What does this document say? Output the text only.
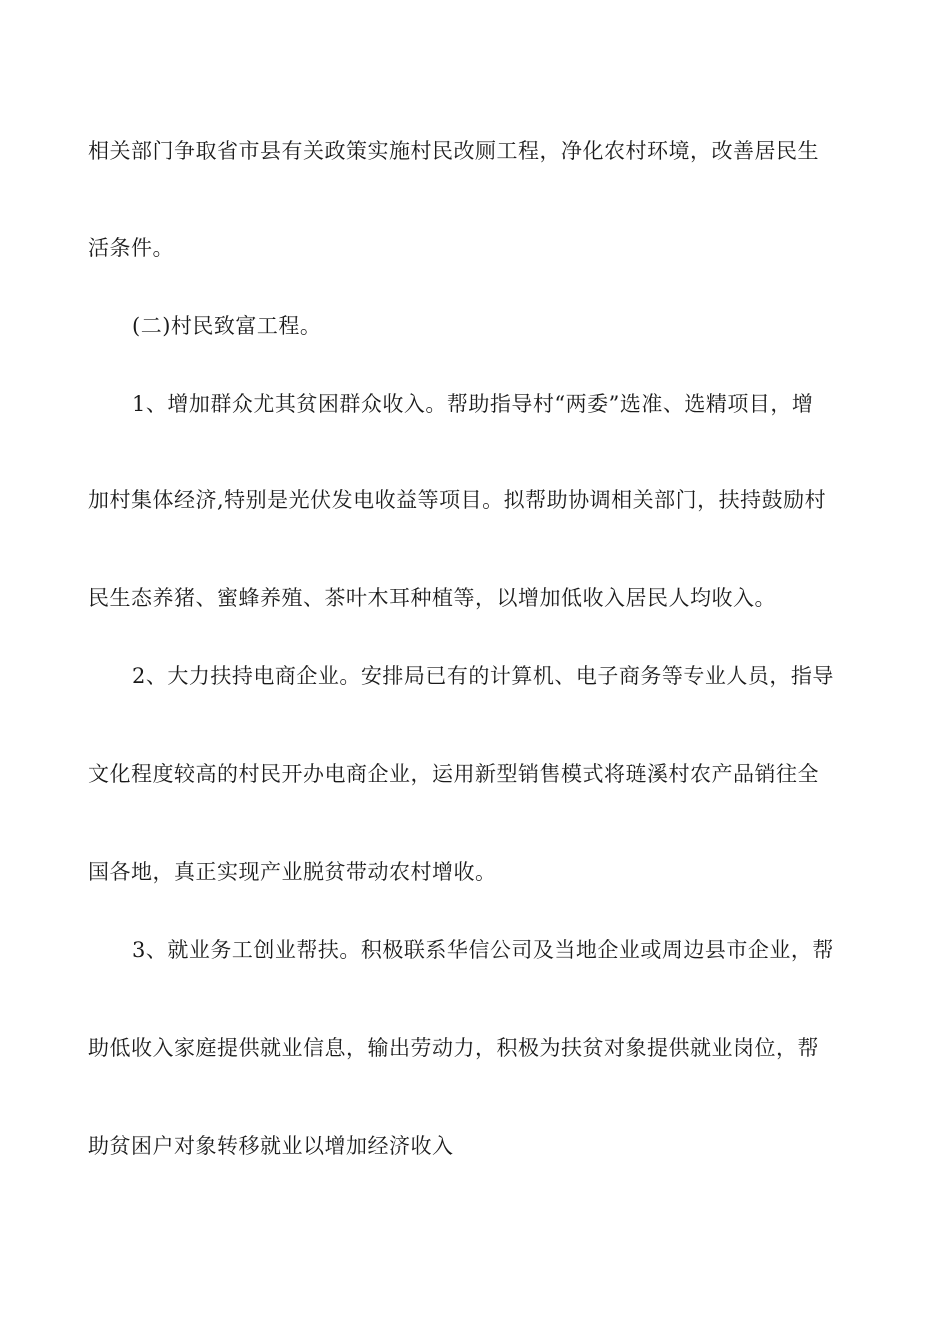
相关部门争取省市县有关政策实施村民改厕工程，净化农村环境，改善居民生
活条件。
(二)村民致富工程。
1、增加群众尤其贫困群众收入。帮助指导村“两委”选准、选精项目，增
加村集体经济,特别是光伏发电收益等项目。拟帮助协调相关部门，扶持鼓励村
民生态养猪、蜜蜂养殖、茶叶木耳种植等，以增加低收入居民人均收入。
2、大力扶持电商企业。安排局已有的计算机、电子商务等专业人员，指导
文化程度较高的村民开办电商企业，运用新型销售模式将琏溪村农产品销往全
国各地，真正实现产业脱贫带动农村增收。
3、就业务工创业帮扶。积极联系华信公司及当地企业或周边县市企业，帮
助低收入家庭提供就业信息，输出劳动力，积极为扶贫对象提供就业岗位，帮
助贫困户对象转移就业以增加经济收入
